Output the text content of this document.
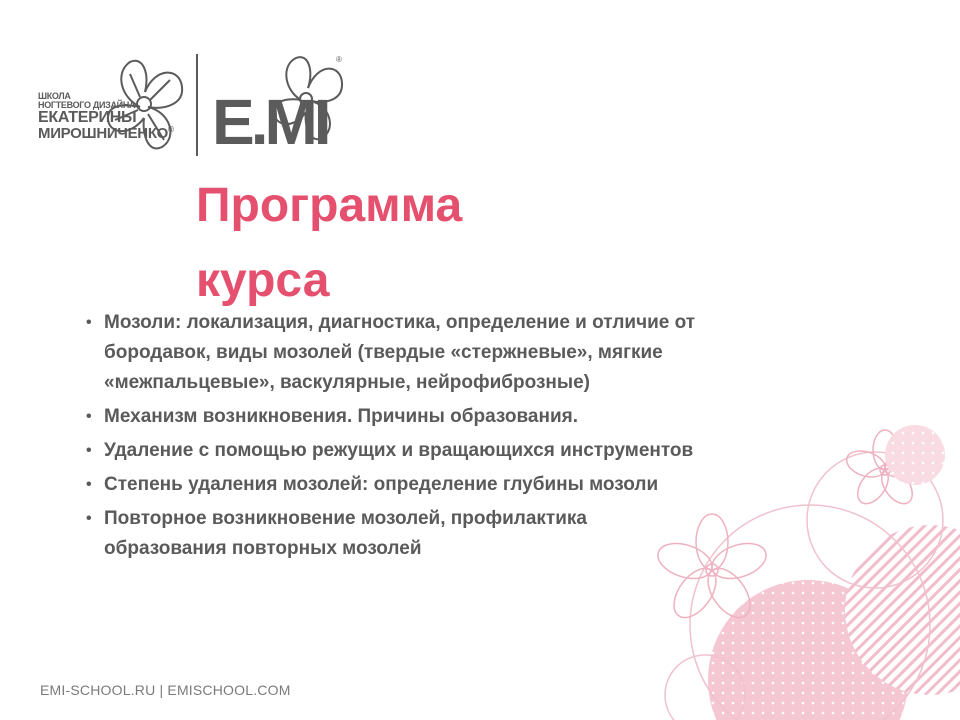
ШКОЛА
НОГТЕВОГО ДИЗАЙНА
ЕКАТЕРИНЫ
МИРОШНИЧЕНКО®
®
E.MI
Программа
курса
• Мозоли: локализация, диагностика, определение и отличие от бородавок, виды мозолей (твердые «стержневые», мягкие «межпальцевые», васкулярные, нейрофиброзные)
• Механизм возникновения. Причины образования.
• Удаление с помощью режущих и вращающихся инструментов
• Степень удаления мозолей: определение глубины мозоли
• Повторное возникновение мозолей, профилактика образования повторных мозолей
EMI-SCHOOL.RU | EMISCHOOL.COM
